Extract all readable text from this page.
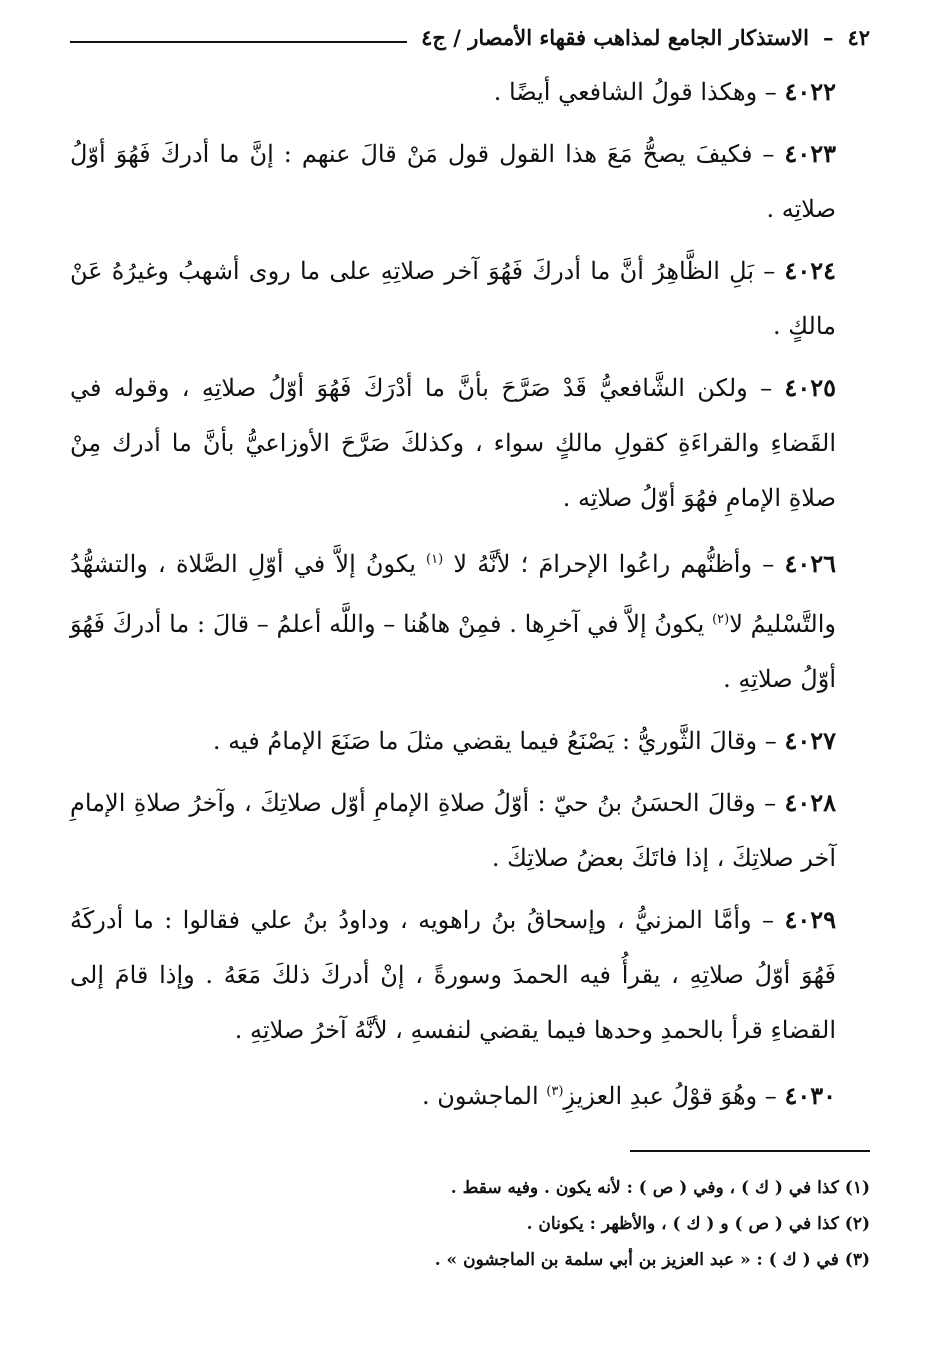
٤٢
–
الاستذكار الجامع لمذاهب فقهاء الأمصار / ج٤

٤٠٢٢ – وهكذا قولُ الشافعي أيضًا .

٤٠٢٣ – فكيفَ يصحُّ مَعَ هذا القول قول مَنْ قالَ عنهم : إنَّ ما أدركَ فَهُوَ أوّلُ صلاتِه .

٤٠٢٤ – بَلِ الظَّاهِرُ أنَّ ما أدركَ فَهُوَ آخر صلاتِهِ على ما روى أشهبُ وغيرُهُ عَنْ مالكٍ .

٤٠٢٥ – ولكن الشَّافعيُّ قَدْ صَرَّحَ بأنَّ ما أدْرَكَ فَهُوَ أوّلُ صلاتِهِ ، وقوله في القَضاءِ والقراءَةِ كقولِ مالكٍ سواء ، وكذلكَ صَرَّحَ الأوزاعيُّ بأنَّ ما أدرك مِنْ صلاةِ الإمامِ فهُوَ أوّلُ صلاتِه .

٤٠٢٦ – وأظنُّهم راعُوا الإحرامَ ؛ لأنَّهُ لا $^{(١)}$ يكونُ إلاَّ في أوّلِ الصَّلاة ، والتشهُّدُ والتَّسْليمُ لا$^{(٢)}$ يكونُ إلاَّ في آخرِها . فمِنْ هاهُنا – واللَّه أعلمُ – قالَ : ما أدركَ فَهُوَ أوّلُ صلاتِهِ .

٤٠٢٧ – وقالَ الثَّوريُّ : يَصْنَعُ فيما يقضي مثلَ ما صَنَعَ الإمامُ فيه .

٤٠٢٨ – وقالَ الحسَنُ بنُ حيّ : أوّلُ صلاةِ الإمامِ أوّل صلاتِكَ ، وآخرُ صلاةِ الإمامِ آخر صلاتِكَ ، إذا فاتَكَ بعضُ صلاتِكَ .

٤٠٢٩ – وأمَّا المزنيُّ ، وإسحاقُ بنُ راهويه ، وداودُ بنُ علي فقالوا : ما أدركَهُ فَهُوَ أوّلُ صلاتِهِ ، يقرأُ فيه الحمدَ وسورةً ، إنْ أدركَ ذلكَ مَعَهُ . وإذا قامَ إلى القضاءِ قرأ بالحمدِ وحدها فيما يقضي لنفسهِ ، لأنَّهُ آخرُ صلاتِهِ .

٤٠٣٠ – وهُوَ قوْلُ عبدِ العزيزِ$^{(٣)}$ الماجشون .

(١) كذا في ( ك ) ، وفي ( ص ) : لأنه يكون . وفيه سقط .

(٢) كذا في ( ص ) و ( ك ) ، والأظهر : يكونان .

(٣) في ( ك ) : « عبد العزيز بن أبي سلمة بن الماجشون » .
